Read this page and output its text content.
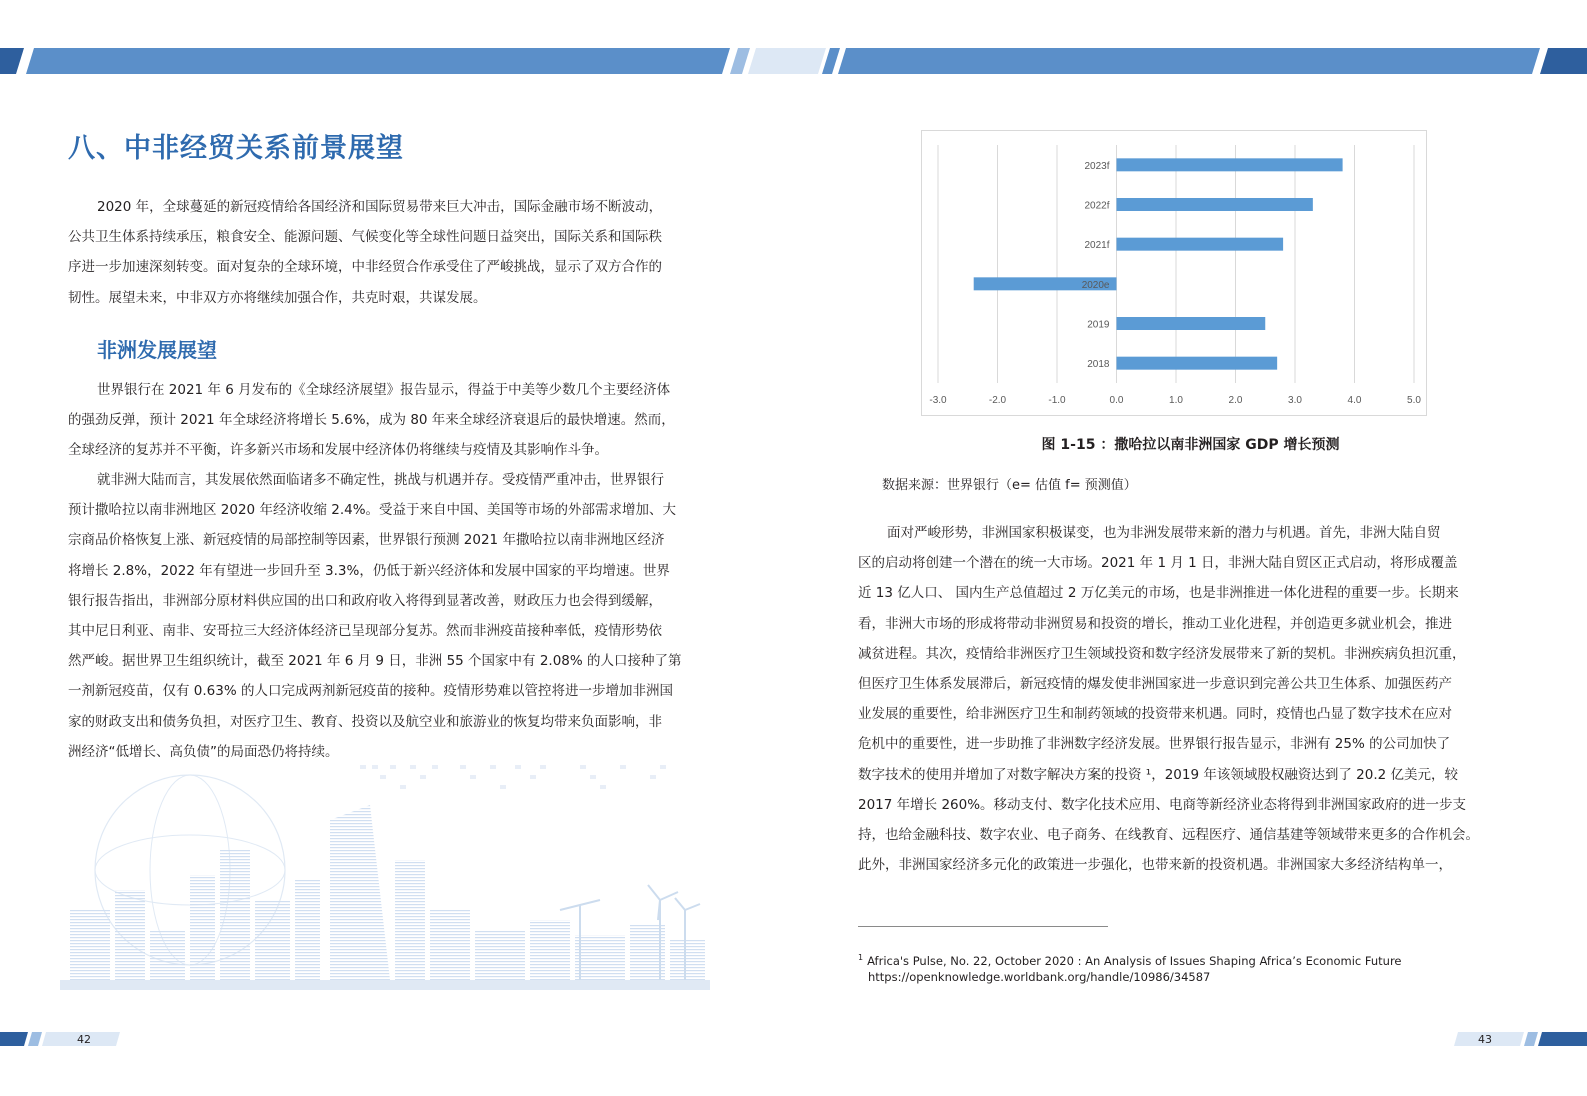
八、中非经贸关系前景展望
2020 年，全球蔓延的新冠疫情给各国经济和国际贸易带来巨大冲击，国际金融市场不断波动，
公共卫生体系持续承压，粮食安全、能源问题、气候变化等全球性问题日益突出，国际关系和国际秩
序进一步加速深刻转变。面对复杂的全球环境，中非经贸合作承受住了严峻挑战，显示了双方合作的
韧性。展望未来，中非双方亦将继续加强合作，共克时艰，共谋发展。
非洲发展展望
世界银行在 2021 年 6 月发布的《全球经济展望》报告显示，得益于中美等少数几个主要经济体
的强劲反弹，预计 2021 年全球经济将增长 5.6%，成为 80 年来全球经济衰退后的最快增速。然而，
全球经济的复苏并不平衡，许多新兴市场和发展中经济体仍将继续与疫情及其影响作斗争。
就非洲大陆而言，其发展依然面临诸多不确定性，挑战与机遇并存。受疫情严重冲击，世界银行
预计撒哈拉以南非洲地区 2020 年经济收缩 2.4%。受益于来自中国、美国等市场的外部需求增加、大
宗商品价格恢复上涨、新冠疫情的局部控制等因素，世界银行预测 2021 年撒哈拉以南非洲地区经济
将增长 2.8%，2022 年有望进一步回升至 3.3%，仍低于新兴经济体和发展中国家的平均增速。世界
银行报告指出，非洲部分原材料供应国的出口和政府收入将得到显著改善，财政压力也会得到缓解，
其中尼日利亚、南非、安哥拉三大经济体经济已呈现部分复苏。然而非洲疫苗接种率低，疫情形势依
然严峻。据世界卫生组织统计，截至 2021 年 6 月 9 日，非洲 55 个国家中有 2.08% 的人口接种了第
一剂新冠疫苗，仅有 0.63% 的人口完成两剂新冠疫苗的接种。疫情形势难以管控将进一步增加非洲国
家的财政支出和债务负担，对医疗卫生、教育、投资以及航空业和旅游业的恢复均带来负面影响，非
洲经济“低增长、高负债”的局面恐仍将持续。
42
-3.0	-2.0	-1.0	0.0	1.0	2.0	3.0	4.0	5.0
2023f
2022f
2021f
2020e
2019
2018
图 1-15 ：撒哈拉以南非洲国家 GDP 增长预测
数据来源：世界银行（e= 估值 f= 预测值）
面对严峻形势，非洲国家积极谋变，也为非洲发展带来新的潜力与机遇。首先，非洲大陆自贸
区的启动将创建一个潜在的统一大市场。2021 年 1 月 1 日，非洲大陆自贸区正式启动，将形成覆盖
近 13 亿人口、 国内生产总值超过 2 万亿美元的市场，也是非洲推进一体化进程的重要一步。长期来
看，非洲大市场的形成将带动非洲贸易和投资的增长，推动工业化进程，并创造更多就业机会，推进
减贫进程。其次，疫情给非洲医疗卫生领域投资和数字经济发展带来了新的契机。非洲疾病负担沉重，
但医疗卫生体系发展滞后，新冠疫情的爆发使非洲国家进一步意识到完善公共卫生体系、加强医药产
业发展的重要性，给非洲医疗卫生和制药领域的投资带来机遇。同时，疫情也凸显了数字技术在应对
危机中的重要性，进一步助推了非洲数字经济发展。世界银行报告显示，非洲有 25% 的公司加快了
数字技术的使用并增加了对数字解决方案的投资 ¹，2019 年该领域股权融资达到了 20.2 亿美元，较
2017 年增长 260%。移动支付、数字化技术应用、电商等新经济业态将得到非洲国家政府的进一步支
持，也给金融科技、数字农业、电子商务、在线教育、远程医疗、通信基建等领域带来更多的合作机会。
此外，非洲国家经济多元化的政策进一步强化，也带来新的投资机遇。非洲国家大多经济结构单一，
$^1$ Africa's Pulse, No. 22, October 2020 : An Analysis of Issues Shaping Africa’s Economic Future
https://openknowledge.worldbank.org/handle/10986/34587
43
